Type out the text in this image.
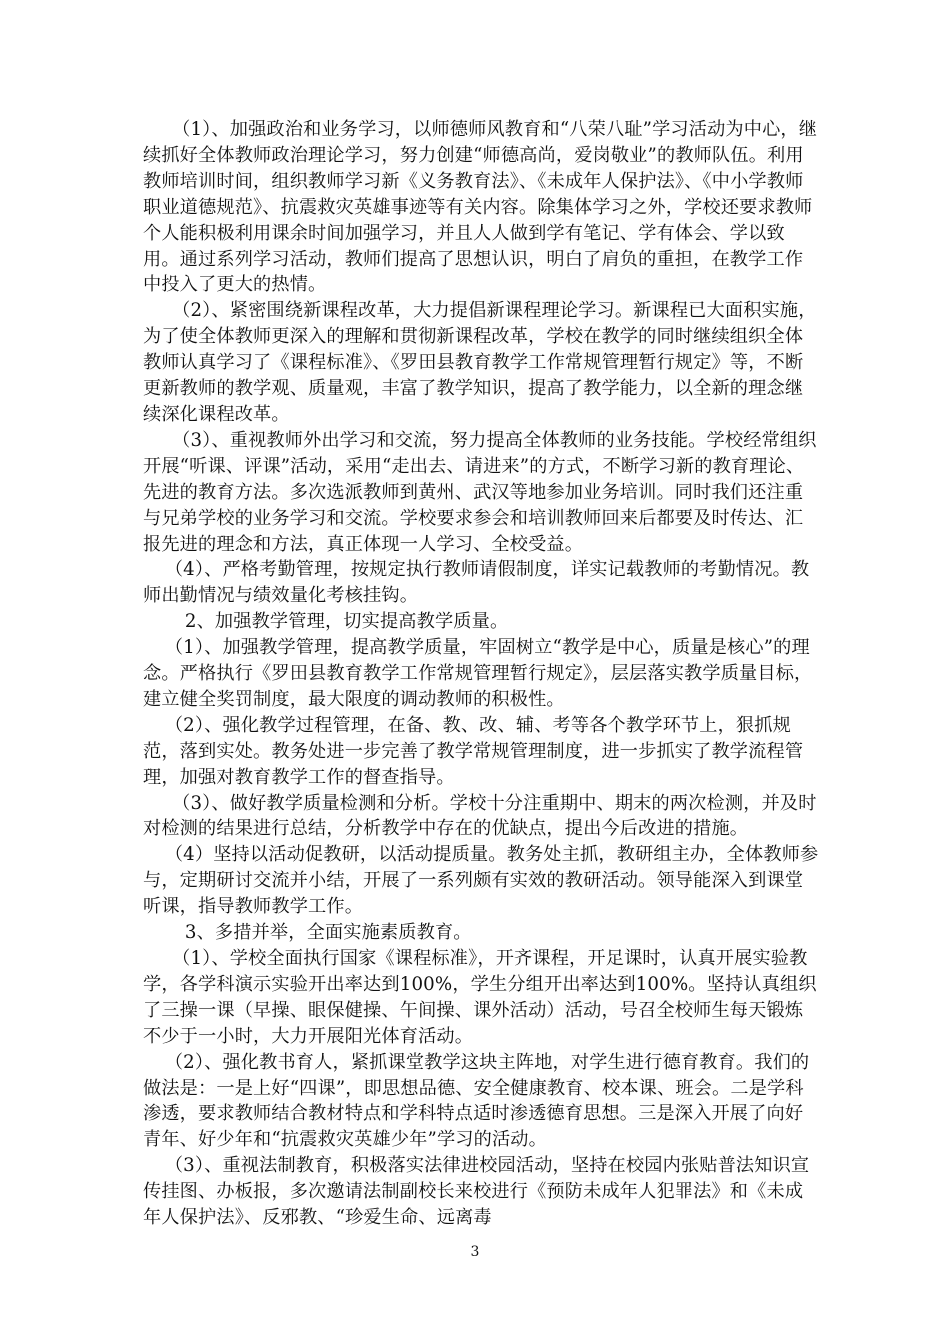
（1）、加强政治和业务学习，以师德师风教育和“八荣八耻”学习活动为中心，继续抓好全体教师政治理论学习，努力创建“师德高尚，爱岗敬业”的教师队伍。利用教师培训时间，组织教师学习新《义务教育法》、《未成年人保护法》、《中小学教师职业道德规范》、抗震救灾英雄事迹等有关内容。除集体学习之外，学校还要求教师个人能积极利用课余时间加强学习，并且人人做到学有笔记、学有体会、学以致用。通过系列学习活动，教师们提高了思想认识，明白了肩负的重担，在教学工作中投入了更大的热情。

（2）、紧密围绕新课程改革，大力提倡新课程理论学习。新课程已大面积实施，为了使全体教师更深入的理解和贯彻新课程改革，学校在教学的同时继续组织全体教师认真学习了《课程标准》、《罗田县教育教学工作常规管理暂行规定》等，不断更新教师的教学观、质量观，丰富了教学知识，提高了教学能力，以全新的理念继续深化课程改革。

（3）、重视教师外出学习和交流，努力提高全体教师的业务技能。学校经常组织开展“听课、评课”活动，采用“走出去、请进来”的方式，不断学习新的教育理论、先进的教育方法。多次选派教师到黄州、武汉等地参加业务培训。同时我们还注重与兄弟学校的业务学习和交流。学校要求参会和培训教师回来后都要及时传达、汇报先进的理念和方法，真正体现一人学习、全校受益。

（4）、严格考勤管理，按规定执行教师请假制度，详实记载教师的考勤情况。教师出勤情况与绩效量化考核挂钩。

2、加强教学管理，切实提高教学质量。

（1）、加强教学管理，提高教学质量，牢固树立“教学是中心，质量是核心”的理念。严格执行《罗田县教育教学工作常规管理暂行规定》，层层落实教学质量目标，建立健全奖罚制度，最大限度的调动教师的积极性。

（2）、强化教学过程管理，在备、教、改、辅、考等各个教学环节上，狠抓规范，落到实处。教务处进一步完善了教学常规管理制度，进一步抓实了教学流程管理，加强对教育教学工作的督查指导。

（3）、做好教学质量检测和分析。学校十分注重期中、期末的两次检测，并及时对检测的结果进行总结，分析教学中存在的优缺点，提出今后改进的措施。

（4）坚持以活动促教研，以活动提质量。教务处主抓，教研组主办，全体教师参与，定期研讨交流并小结，开展了一系列颇有实效的教研活动。领导能深入到课堂听课，指导教师教学工作。

3、多措并举，全面实施素质教育。

（1）、学校全面执行国家《课程标准》，开齐课程，开足课时，认真开展实验教学，各学科演示实验开出率达到100%，学生分组开出率达到100%。坚持认真组织了三操一课（早操、眼保健操、午间操、课外活动）活动，号召全校师生每天锻炼不少于一小时，大力开展阳光体育活动。

（2）、强化教书育人，紧抓课堂教学这块主阵地，对学生进行德育教育。我们的做法是：一是上好“四课”，即思想品德、安全健康教育、校本课、班会。二是学科渗透，要求教师结合教材特点和学科特点适时渗透德育思想。三是深入开展了向好青年、好少年和“抗震救灾英雄少年”学习的活动。

（3）、重视法制教育，积极落实法律进校园活动，坚持在校园内张贴普法知识宣传挂图、办板报，多次邀请法制副校长来校进行《预防未成年人犯罪法》和《未成年人保护法》、反邪教、“珍爱生命、远离毒

3
